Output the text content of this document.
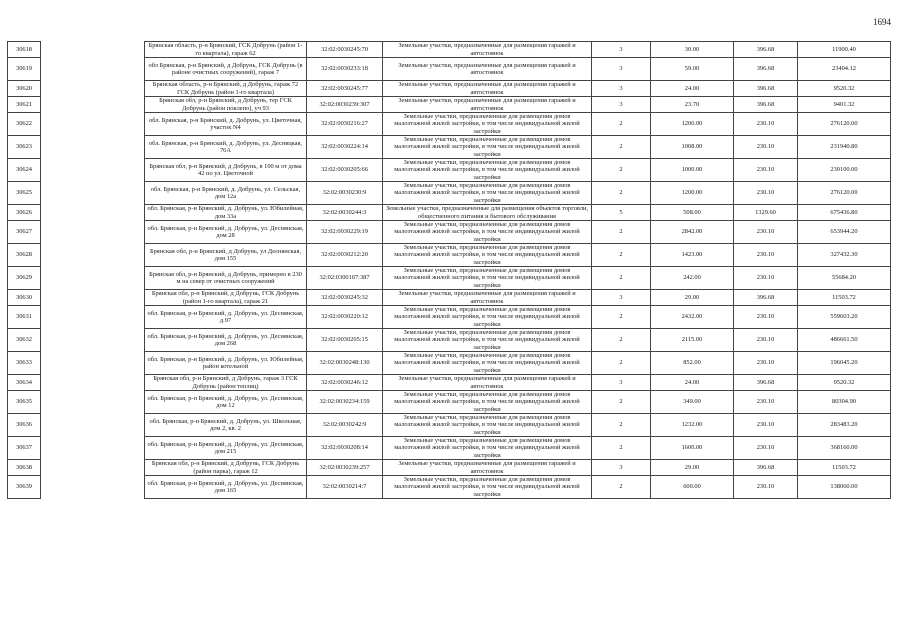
1694
30618		Брянская область, р-н Брянский, ГСК Добрунь (район 1-го квартала), гараж 62	32:02:0030245:70	Земельные участки, предназначенные для размещения гаражей и автостоянок	3	30.00	396.68	11900.40
30619		обл Брянская, р-н Брянский, д Добрунь, ГСК Добрунь (в районе очистных сооружений), гараж 7	32:02:0030233:18	Земельные участки, предназначенные для размещения гаражей и автостоянок	3	59.00	396.68	23404.12
30620		Брянская область, р-н Брянский, д Добрунь, гараж 72 ГСК Добрунь (район 1-го квартала)	32:02:0030245:77	Земельные участки, предназначенные для размещения гаражей и автостоянок	3	24.00	396.68	9520.32
30621		Брянская обл, р-н Брянский, д Добрунь, тер ГСК Добрунь (район поклепо), уч 93	32:02:0030239:307	Земельные участки, предназначенные для размещения гаражей и автостоянок	3	23.70	396.68	9401.32
30622		обл. Брянская, р-н Брянский, д. Добрунь, ул. Цветочная, участок N4	32:02:0030216:27	Земельные участки, предназначенные для размещения домов малоэтажной жилой застройки, в том числе индивидуальной жилой застройки	2	1200.00	230.10	276120.00
30623		обл. Брянская, р-н Брянский, д. Добрунь, ул. Десняцкая, 76А	32:02:0030224:14	Земельные участки, предназначенные для размещения домов малоэтажной жилой застройки, в том числе индивидуальной жилой застройки	2	1008.00	230.10	231940.80
30624		Брянская обл, р-н Брянский, д Добрунь, в 100 м от дома 42 по ул. Цветочной	32:02:0030205:66	Земельные участки, предназначенные для размещения домов малоэтажной жилой застройки, в том числе индивидуальной жилой застройки	2	1000.00	230.10	230100.00
30625		обл. Брянская, р-н Брянский, д. Добрунь, ул. Сельская, дом 12а	32:02:0030230:9	Земельные участки, предназначенные для размещения домов малоэтажной жилой застройки, в том числе индивидуальной жилой застройки	2	1200.00	230.10	276120.00
30626		обл. Брянская, р-н Брянский, д. Добрунь, ул. Юбилейная, дом 33а	32:02:0030244:3	Земельные участки, предназначенные для размещения объектов торговли, общественного питания и бытового обслуживания	5	508.00	1329.60	675436.80
30627		обл. Брянская, р-н Брянский, д. Добрунь, ул. Деснянская, дом 28	32:02:0030229:19	Земельные участки, предназначенные для размещения домов малоэтажной жилой застройки, в том числе индивидуальной жилой застройки	2	2842.00	230.10	653944.20
30628		Брянская обл, р-н Брянский, д Добрунь, ул Деснянская, дом 155	32:02:0030212:20	Земельные участки, предназначенные для размещения домов малоэтажной жилой застройки, в том числе индивидуальной жилой застройки	2	1423.00	230.10	327432.30
30629		Брянская обл, р-н Брянский, д Добрунь, примерно в 230 м на север от очистных сооружений	32:02:0300107:387	Земельные участки, предназначенные для размещения домов малоэтажной жилой застройки, в том числе индивидуальной жилой застройки	2	242.00	230.10	55684.20
30630		Брянская обл, р-н Брянский, д Добрунь, ГСК Добрунь (район 1-го квартала), гараж 21	32:02:0030245:32	Земельные участки, предназначенные для размещения гаражей и автостоянок	3	29.00	396.68	11503.72
30631		обл. Брянская, р-н Брянский, д. Добрунь, ул. Деснянская, д.97	32:02:0030220:12	Земельные участки, предназначенные для размещения домов малоэтажной жилой застройки, в том числе индивидуальной жилой застройки	2	2432.00	230.10	559603.20
30632		обл. Брянская, р-н Брянский, д. Добрунь, ул. Деснянская, дом 268	32:02:0030205:15	Земельные участки, предназначенные для размещения домов малоэтажной жилой застройки, в том числе индивидуальной жилой застройки	2	2115.00	230.10	486661.50
30633		обл. Брянская, р-н Брянский, д. Добрунь, ул. Юбилейная, район котельной	32:02:0030248:130	Земельные участки, предназначенные для размещения домов малоэтажной жилой застройки, в том числе индивидуальной жилой застройки	2	852.00	230.10	196045.20
30634		Брянская обл, р-н Брянский, д Добрунь, гараж 3 ГСК Добрунь (район теплиц)	32:02:0030246:12	Земельные участки, предназначенные для размещения гаражей и автостоянок	3	24.00	396.68	9520.32
30635		обл. Брянская, р-н Брянский, д. Добрунь, ул. Деснянская, дом 12	32:02:0030234:159	Земельные участки, предназначенные для размещения домов малоэтажной жилой застройки, в том числе индивидуальной жилой застройки	2	349.00	230.10	80304.90
30636		обл. Брянская, р-н Брянский, д. Добрунь, ул. Школьная, дом 2, кв. 2	32:02:0030242:9	Земельные участки, предназначенные для размещения домов малоэтажной жилой застройки, в том числе индивидуальной жилой застройки	2	1232.00	230.10	283483.20
30637		обл. Брянская, р-н Брянский, д. Добрунь, ул. Деснянская, дом 215	32:02:0030208:14	Земельные участки, предназначенные для размещения домов малоэтажной жилой застройки, в том числе индивидуальной жилой застройки	2	1600.00	230.10	368160.00
30638		Брянская обл, р-н Брянский, д Добрунь, ГСК Добрунь (район парка), гараж 12	32:02:0030239:257	Земельные участки, предназначенные для размещения гаражей и автостоянок	3	29.00	396.68	11503.72
30639		обл. Брянская, р-н Брянский, д. Добрунь, ул. Деснянская, дом 165	32:02:0030214:7	Земельные участки, предназначенные для размещения домов малоэтажной жилой застройки, в том числе индивидуальной жилой застройки	2	600.00	230.10	138060.00
